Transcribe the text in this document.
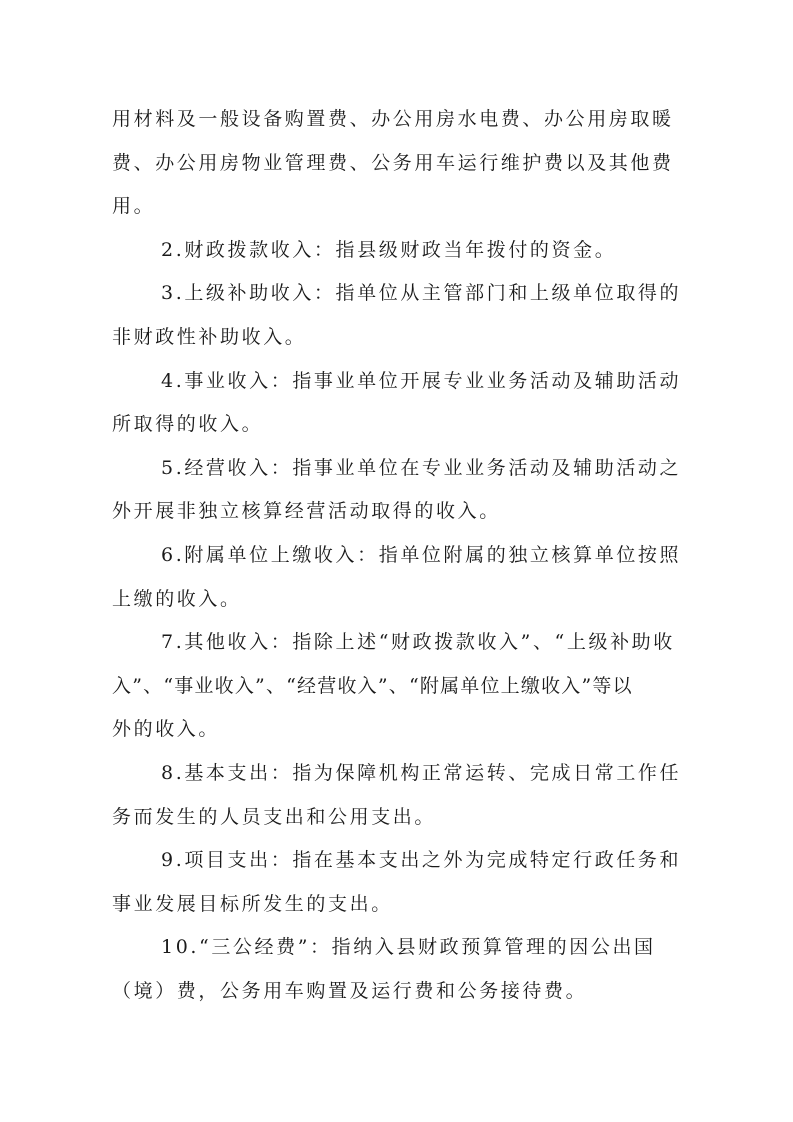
用材料及一般设备购置费、办公用房水电费、办公用房取暖
费、办公用房物业管理费、公务用车运行维护费以及其他费
用。
2.财政拨款收入：指县级财政当年拨付的资金。
3.上级补助收入：指单位从主管部门和上级单位取得的
非财政性补助收入。
4.事业收入：指事业单位开展专业业务活动及辅助活动
所取得的收入。
5.经营收入：指事业单位在专业业务活动及辅助活动之
外开展非独立核算经营活动取得的收入。
6.附属单位上缴收入：指单位附属的独立核算单位按照
上缴的收入。
7.其他收入：指除上述“财政拨款收入”、“上级补助收
入”、“事业收入”、“经营收入”、“附属单位上缴收入”等以
外的收入。
8.基本支出：指为保障机构正常运转、完成日常工作任
务而发生的人员支出和公用支出。
9.项目支出：指在基本支出之外为完成特定行政任务和
事业发展目标所发生的支出。
10.“三公经费”：指纳入县财政预算管理的因公出国
（境）费，公务用车购置及运行费和公务接待费。
